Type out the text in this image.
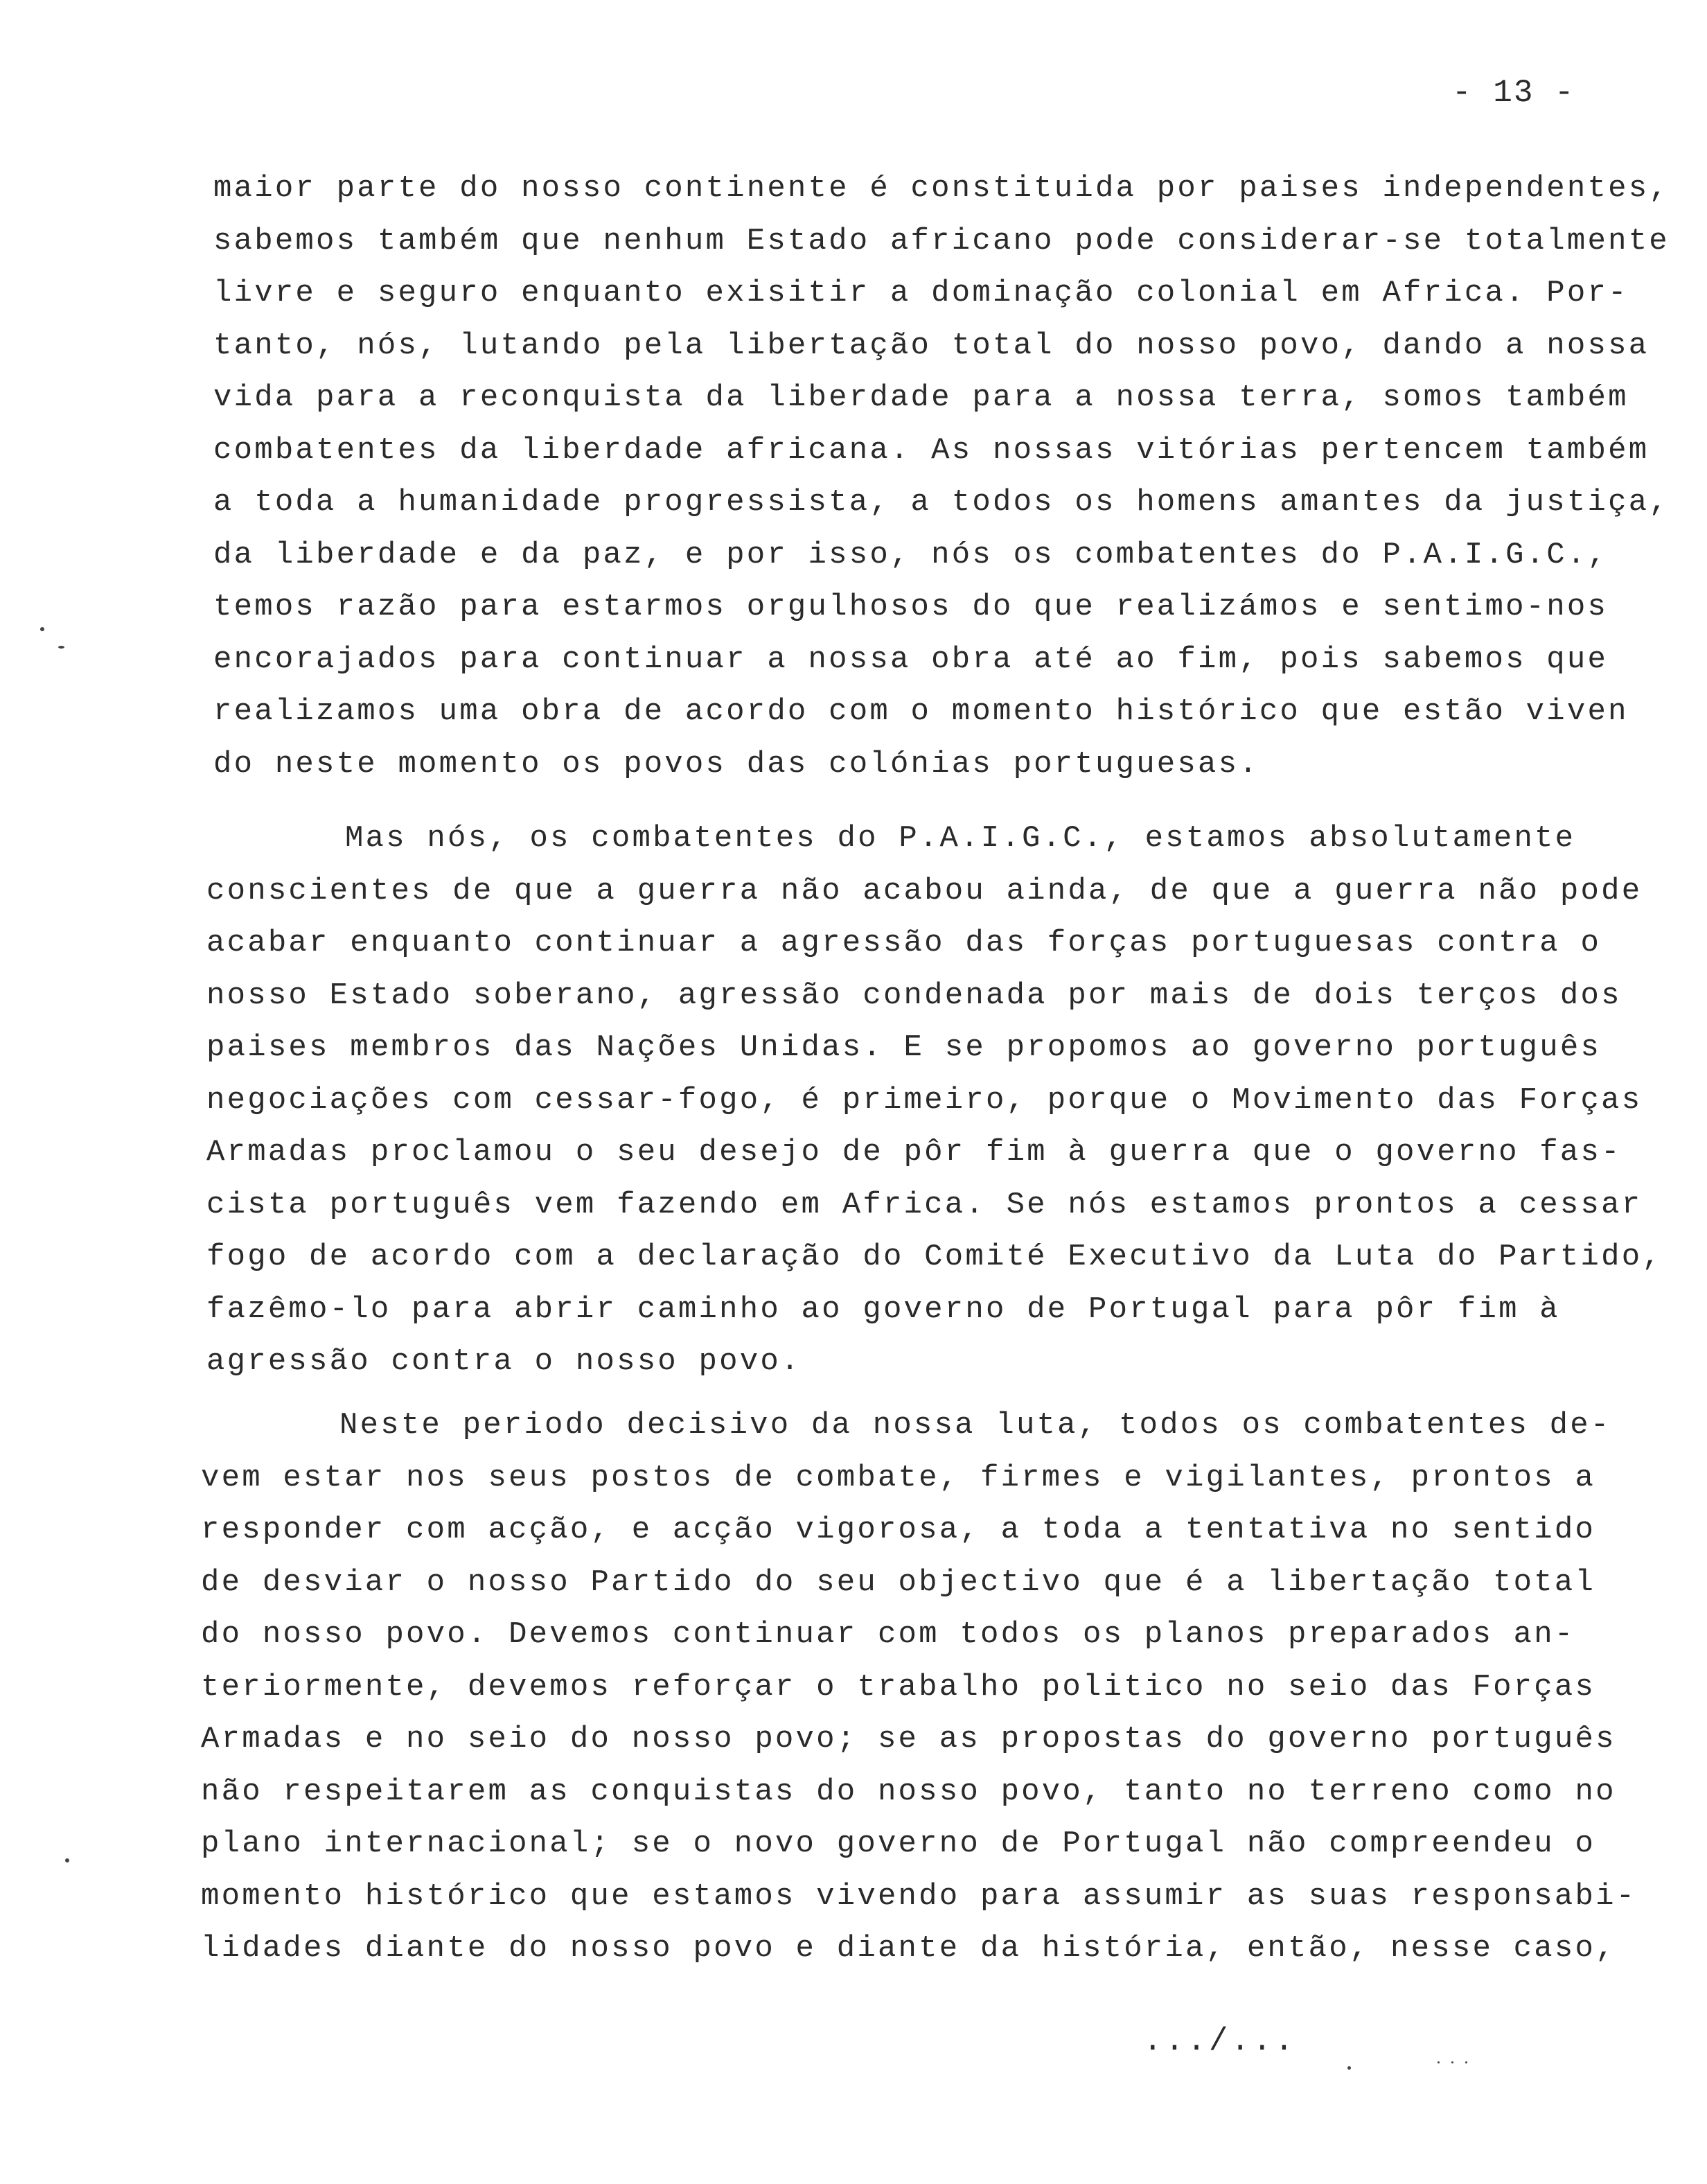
- 13 -
maior parte do nosso continente é constituida por paises independentes,
sabemos também que nenhum Estado africano pode considerar-se totalmente
livre e seguro enquanto exisitir a dominação colonial em Africa. Por-
tanto, nós, lutando pela libertação total do nosso povo, dando a nossa
vida para a reconquista da liberdade para a nossa terra, somos também
combatentes da liberdade africana. As nossas vitórias pertencem também
a toda a humanidade progressista, a todos os homens amantes da justiça,
da liberdade e da paz, e por isso, nós os combatentes do P.A.I.G.C.,
temos razão para estarmos orgulhosos do que realizámos e sentimo-nos
encorajados para continuar a nossa obra até ao fim, pois sabemos que
realizamos uma obra de acordo com o momento histórico que estão viven
do neste momento os povos das colónias portuguesas.
Mas nós, os combatentes do P.A.I.G.C., estamos absolutamente
conscientes de que a guerra não acabou ainda, de que a guerra não pode
acabar enquanto continuar a agressão das forças portuguesas contra o
nosso Estado soberano, agressão condenada por mais de dois terços dos
paises membros das Nações Unidas. E se propomos ao governo português
negociações com cessar-fogo, é primeiro, porque o Movimento das Forças
Armadas proclamou o seu desejo de pôr fim à guerra que o governo fas-
cista português vem fazendo em Africa. Se nós estamos prontos a cessar
fogo de acordo com a declaração do Comité Executivo da Luta do Partido,
fazêmo-lo para abrir caminho ao governo de Portugal para pôr fim à
agressão contra o nosso povo.
Neste periodo decisivo da nossa luta, todos os combatentes de-
vem estar nos seus postos de combate, firmes e vigilantes, prontos a
responder com acção, e acção vigorosa, a toda a tentativa no sentido
de desviar o nosso Partido do seu objectivo que é a libertação total
do nosso povo. Devemos continuar com todos os planos preparados an-
teriormente, devemos reforçar o trabalho politico no seio das Forças
Armadas e no seio do nosso povo; se as propostas do governo português
não respeitarem as conquistas do nosso povo, tanto no terreno como no
plano internacional; se o novo governo de Portugal não compreendeu o
momento histórico que estamos vivendo para assumir as suas responsabi-
lidades diante do nosso povo e diante da história, então, nesse caso,
.../...
